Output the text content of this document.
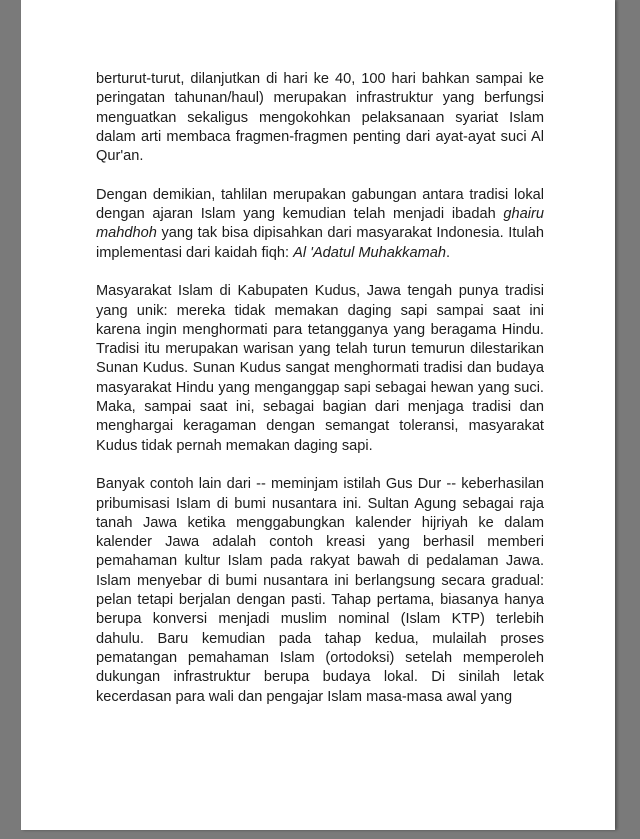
berturut-turut, dilanjutkan di hari ke 40, 100 hari bahkan sampai ke peringatan tahunan/haul) merupakan infrastruktur yang berfungsi menguatkan sekaligus mengokohkan pelaksanaan syariat Islam dalam arti membaca fragmen-fragmen penting dari ayat-ayat suci Al Qur'an.

Dengan demikian, tahlilan merupakan gabungan antara tradisi lokal dengan ajaran Islam yang kemudian telah menjadi ibadah ghairu mahdhoh yang tak bisa dipisahkan dari masyarakat Indonesia. Itulah implementasi dari kaidah fiqh: Al 'Adatul Muhakkamah.

Masyarakat Islam di Kabupaten Kudus, Jawa tengah punya tradisi yang unik: mereka tidak memakan daging sapi sampai saat ini karena ingin menghormati para tetangganya yang beragama Hindu. Tradisi itu merupakan warisan yang telah turun temurun dilestarikan Sunan Kudus. Sunan Kudus sangat menghormati tradisi dan budaya masyarakat Hindu yang menganggap sapi sebagai hewan yang suci. Maka, sampai saat ini, sebagai bagian dari menjaga tradisi dan menghargai keragaman dengan semangat toleransi, masyarakat Kudus tidak pernah memakan daging sapi.

Banyak contoh lain dari -- meminjam istilah Gus Dur -- keberhasilan pribumisasi Islam di bumi nusantara ini. Sultan Agung sebagai raja tanah Jawa ketika menggabungkan kalender hijriyah ke dalam kalender Jawa adalah contoh kreasi yang berhasil memberi pemahaman kultur Islam pada rakyat bawah di pedalaman Jawa. Islam menyebar di bumi nusantara ini berlangsung secara gradual: pelan tetapi berjalan dengan pasti. Tahap pertama, biasanya hanya berupa konversi menjadi muslim nominal (Islam KTP) terlebih dahulu. Baru kemudian pada tahap kedua, mulailah proses pematangan pemahaman Islam (ortodoksi) setelah memperoleh dukungan infrastruktur berupa budaya lokal. Di sinilah letak kecerdasan para wali dan pengajar Islam masa-masa awal yang
